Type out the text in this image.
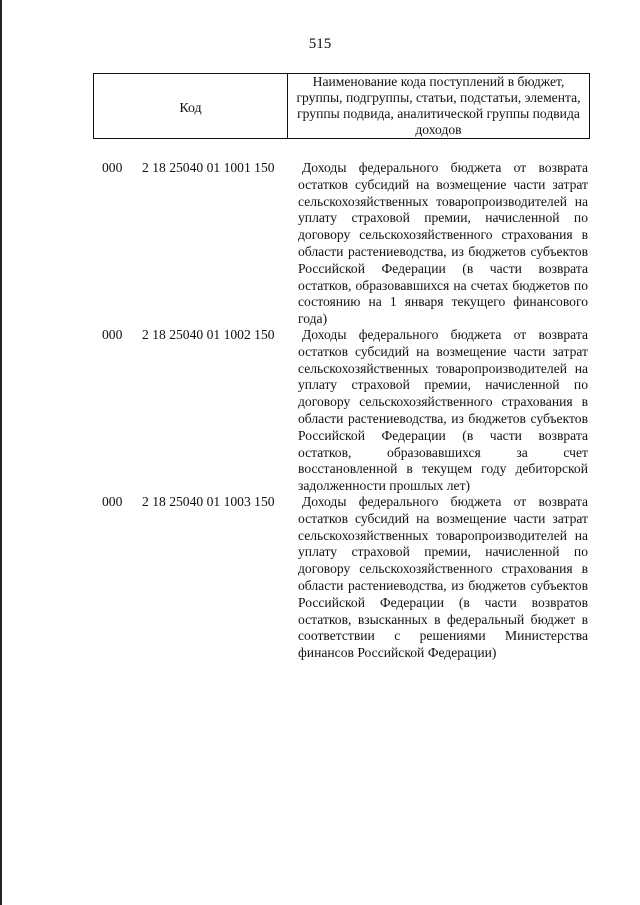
515
Код
Наименование кода поступлений в бюджет, группы, подгруппы, статьи, подстатьи, элемента, группы подвида, аналитической группы подвида доходов
000 2 18 25040 01 1001 150 Доходы федерального бюджета от возврата остатков субсидий на возмещение части затрат сельскохозяйственных товаропроизводителей на уплату страховой премии, начисленной по договору сельскохозяйственного страхования в области растениеводства, из бюджетов субъектов Российской Федерации (в части возврата остатков, образовавшихся на счетах бюджетов по состоянию на 1 января текущего финансового года)
000 2 18 25040 01 1002 150 Доходы федерального бюджета от возврата остатков субсидий на возмещение части затрат сельскохозяйственных товаропроизводителей на уплату страховой премии, начисленной по договору сельскохозяйственного страхования в области растениеводства, из бюджетов субъектов Российской Федерации (в части возврата остатков, образовавшихся за счет восстановленной в текущем году дебиторской задолженности прошлых лет)
000 2 18 25040 01 1003 150 Доходы федерального бюджета от возврата остатков субсидий на возмещение части затрат сельскохозяйственных товаропроизводителей на уплату страховой премии, начисленной по договору сельскохозяйственного страхования в области растениеводства, из бюджетов субъектов Российской Федерации (в части возвратов остатков, взысканных в федеральный бюджет в соответствии с решениями Министерства финансов Российской Федерации)
